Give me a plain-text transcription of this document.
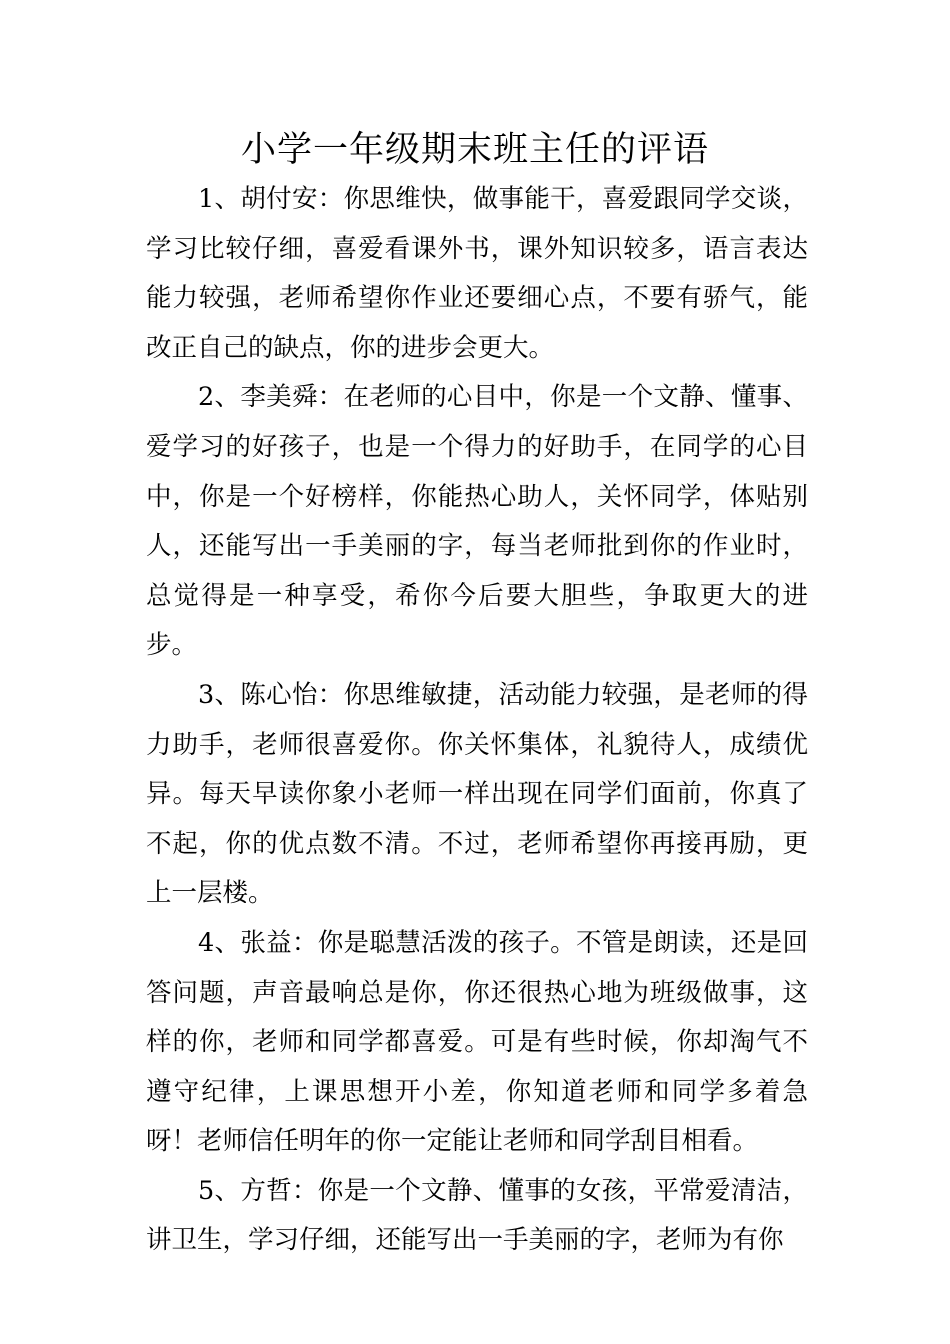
小学一年级期末班主任的评语

1、胡付安：你思维快，做事能干，喜爱跟同学交谈，学习比较仔细，喜爱看课外书，课外知识较多，语言表达能力较强，老师希望你作业还要细心点，不要有骄气，能改正自己的缺点，你的进步会更大。

2、李美舜：在老师的心目中，你是一个文静、懂事、爱学习的好孩子，也是一个得力的好助手，在同学的心目中，你是一个好榜样，你能热心助人，关怀同学，体贴别人，还能写出一手美丽的字，每当老师批到你的作业时，总觉得是一种享受，希你今后要大胆些，争取更大的进步。

3、陈心怡：你思维敏捷，活动能力较强，是老师的得力助手，老师很喜爱你。你关怀集体，礼貌待人，成绩优异。每天早读你象小老师一样出现在同学们面前，你真了不起，你的优点数不清。不过，老师希望你再接再励，更上一层楼。

4、张益：你是聪慧活泼的孩子。不管是朗读，还是回答问题，声音最响总是你，你还很热心地为班级做事，这样的你，老师和同学都喜爱。可是有些时候，你却淘气不遵守纪律，上课思想开小差，你知道老师和同学多着急呀！老师信任明年的你一定能让老师和同学刮目相看。

5、方哲：你是一个文静、懂事的女孩，平常爱清洁，讲卫生，学习仔细，还能写出一手美丽的字，老师为有你
